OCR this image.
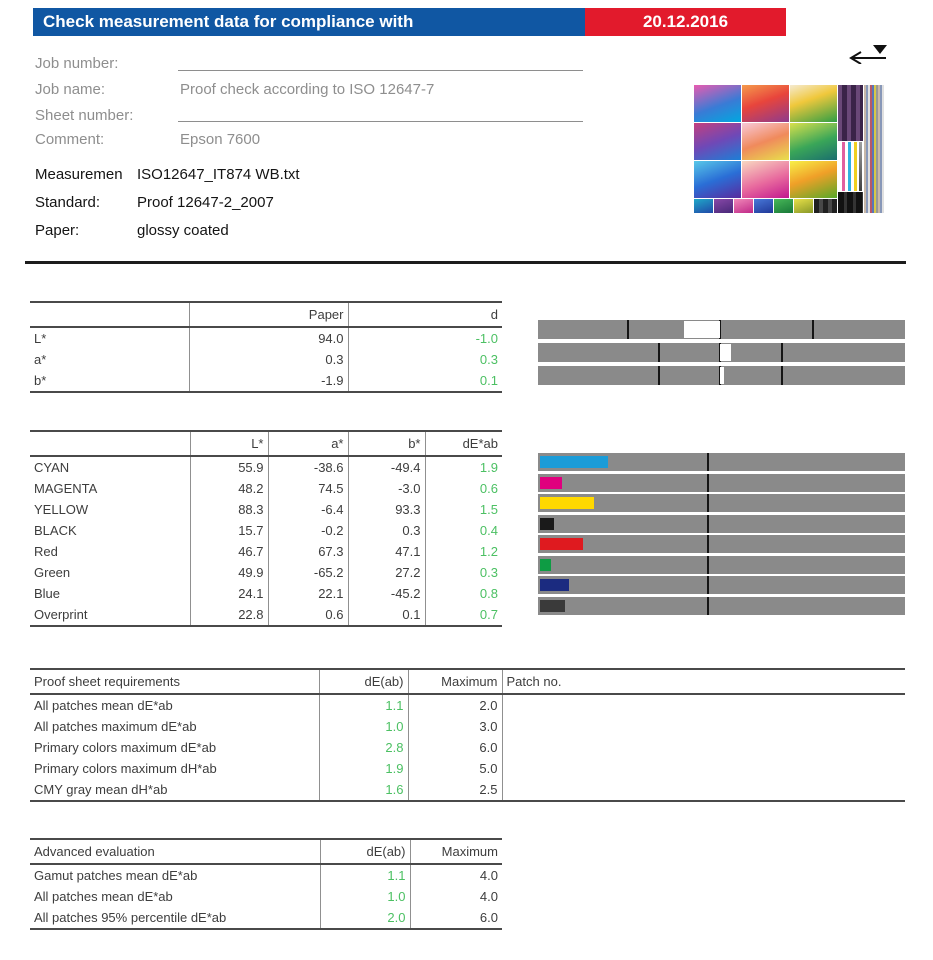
Check measurement data for compliance with	20.12.2016
Job number:
Job name:	Proof check according to ISO 12647-7
Sheet number:
Comment:	Epson 7600
Measuremen ISO12647_IT874 WB.txt
Standard: Proof 12647-2_2007
Paper:	glossy coated
	Paper	d
L*	94.0	-1.0
a*	0.3	0.3
b*	-1.9	0.1
	L*	a*	b*	dE*ab
CYAN	55.9	-38.6	-49.4	1.9
MAGENTA	48.2	74.5	-3.0	0.6
YELLOW	88.3	-6.4	93.3	1.5
BLACK	15.7	-0.2	0.3	0.4
Red	46.7	67.3	47.1	1.2
Green	49.9	-65.2	27.2	0.3
Blue	24.1	22.1	-45.2	0.8
Overprint	22.8	0.6	0.1	0.7
Proof sheet requirements	dE(ab)	Maximum	Patch no.
All patches mean dE*ab	1.1	2.0	
All patches maximum dE*ab	1.0	3.0	
Primary colors maximum dE*ab	2.8	6.0	
Primary colors maximum dH*ab	1.9	5.0	
CMY gray mean dH*ab	1.6	2.5	
Advanced evaluation	dE(ab)	Maximum
Gamut patches mean dE*ab	1.1	4.0
All patches mean dE*ab	1.0	4.0
All patches 95% percentile dE*ab	2.0	6.0
